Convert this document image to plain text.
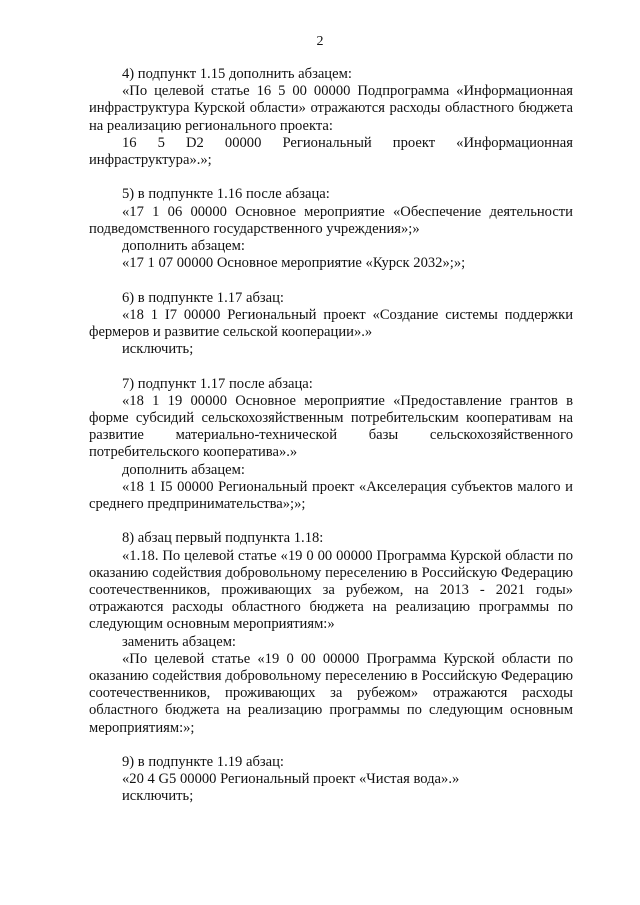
2

4) подпункт 1.15 дополнить абзацем:

«По целевой статье 16 5 00 00000 Подпрограмма «Информационная инфраструктура Курской области» отражаются расходы областного бюджета на реализацию регионального проекта:

16 5 D2 00000 Региональный проект «Информационная инфраструктура».»;

5) в подпункте 1.16 после абзаца:

«17 1 06 00000 Основное мероприятие «Обеспечение деятельности подведомственного государственного учреждения»;»

дополнить абзацем:

«17 1 07 00000 Основное мероприятие «Курск 2032»;»;

6) в подпункте 1.17 абзац:

«18 1 I7 00000 Региональный проект «Создание системы поддержки фермеров и развитие сельской кооперации».»

исключить;

7) подпункт 1.17 после абзаца:

«18 1 19 00000 Основное мероприятие «Предоставление грантов в форме субсидий сельскохозяйственным потребительским кооперативам на развитие материально-технической базы сельскохозяйственного потребительского кооператива».»

дополнить абзацем:

«18 1 I5 00000 Региональный проект «Акселерация субъектов малого и среднего предпринимательства»;»;

8) абзац первый подпункта 1.18:

«1.18. По целевой статье «19 0 00 00000 Программа Курской области по оказанию содействия добровольному переселению в Российскую Федерацию соотечественников, проживающих за рубежом, на 2013 - 2021 годы» отражаются расходы областного бюджета на реализацию программы по следующим основным мероприятиям:»

заменить абзацем:

«По целевой статье «19 0 00 00000 Программа Курской области по оказанию содействия добровольному переселению в Российскую Федерацию соотечественников, проживающих за рубежом» отражаются расходы областного бюджета на реализацию программы по следующим основным мероприятиям:»;

9) в подпункте 1.19 абзац:

«20 4 G5 00000 Региональный проект «Чистая вода».»

исключить;
